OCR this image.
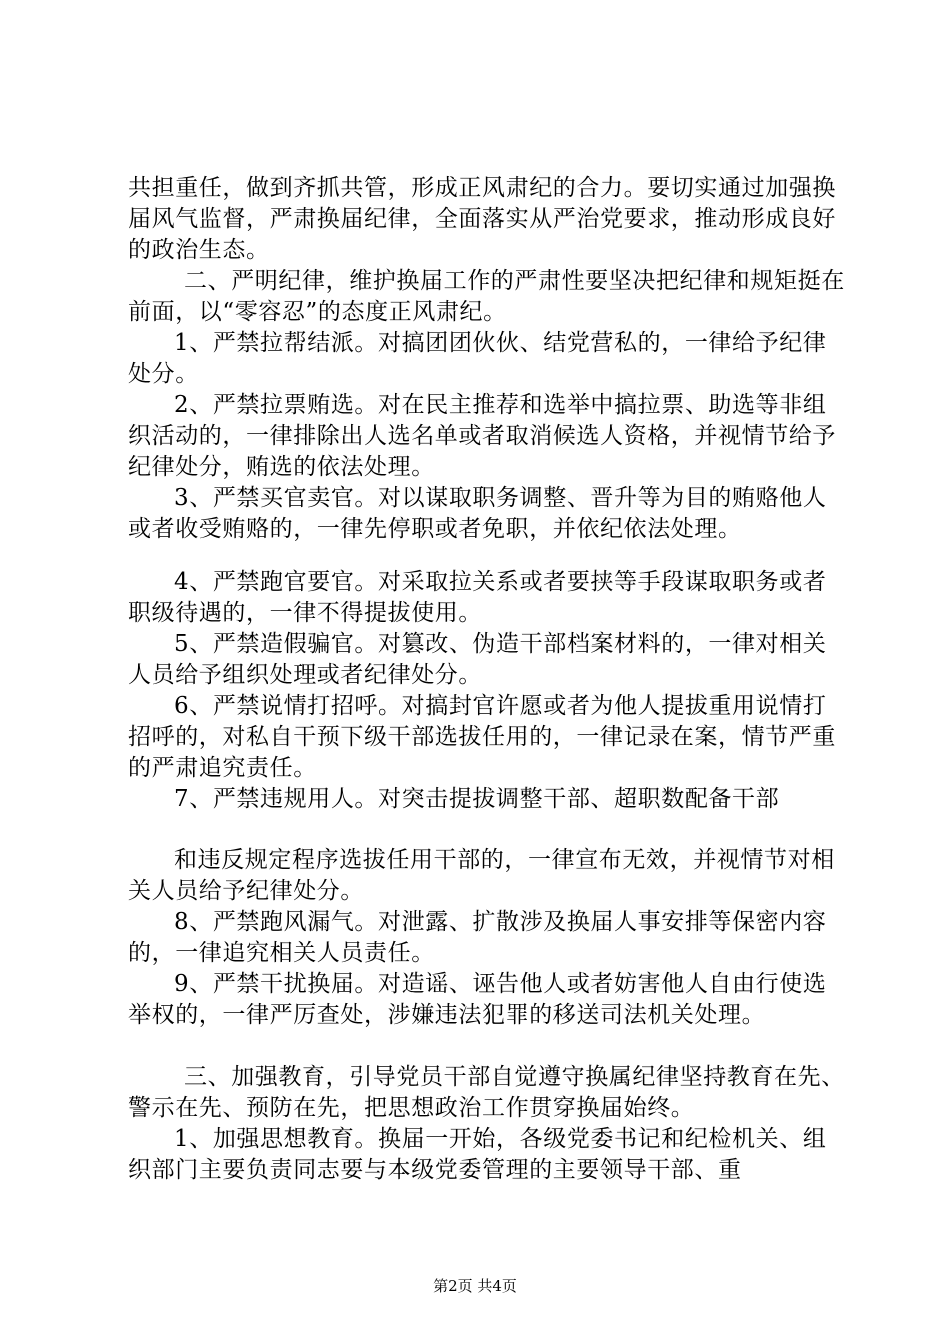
共担重任，做到齐抓共管，形成正风肃纪的合力。要切实通过加强换届风气监督，严肃换届纪律，全面落实从严治党要求，推动形成良好的政治生态。

二、严明纪律，维护换届工作的严肃性要坚决把纪律和规矩挺在前面，以“零容忍”的态度正风肃纪。

1、严禁拉帮结派。对搞团团伙伙、结党营私的，一律给予纪律处分。

2、严禁拉票贿选。对在民主推荐和选举中搞拉票、助选等非组织活动的，一律排除出人选名单或者取消候选人资格，并视情节给予纪律处分，贿选的依法处理。

3、严禁买官卖官。对以谋取职务调整、晋升等为目的贿赂他人或者收受贿赂的，一律先停职或者免职，并依纪依法处理。

4、严禁跑官要官。对采取拉关系或者要挟等手段谋取职务或者职级待遇的，一律不得提拔使用。

5、严禁造假骗官。对篡改、伪造干部档案材料的，一律对相关人员给予组织处理或者纪律处分。

6、严禁说情打招呼。对搞封官许愿或者为他人提拔重用说情打招呼的，对私自干预下级干部选拔任用的，一律记录在案，情节严重的严肃追究责任。

7、严禁违规用人。对突击提拔调整干部、超职数配备干部

和违反规定程序选拔任用干部的，一律宣布无效，并视情节对相关人员给予纪律处分。

8、严禁跑风漏气。对泄露、扩散涉及换届人事安排等保密内容的，一律追究相关人员责任。

9、严禁干扰换届。对造谣、诬告他人或者妨害他人自由行使选举权的，一律严厉查处，涉嫌违法犯罪的移送司法机关处理。

三、加强教育，引导党员干部自觉遵守换属纪律坚持教育在先、警示在先、预防在先，把思想政治工作贯穿换届始终。

1、加强思想教育。换届一开始，各级党委书记和纪检机关、组织部门主要负责同志要与本级党委管理的主要领导干部、重

第2页 共4页
